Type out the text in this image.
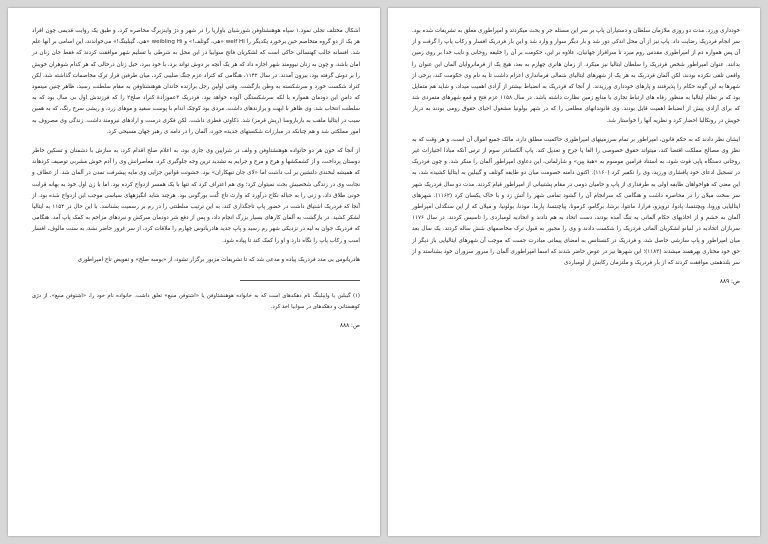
اشکال مختلف تجلی نمود.۱ سپاه هوهنشتاوفن شورشیان باواریا را در شهر و دژ واینزبرگ محاصره کرد، و طبق یک روایت قدیمی چون افراد هر یک از دو گروه متخاصم حین برخورد یکدیگر را welf Hi «هی، گوئلف!» و weibling Hi «هی، گیبلینگ!» می‌خواندند، این اسامی بر آنها علم شد. افسانه جالب کهنسالی حاکی است که لشکریان فاتح سوابیا در این محل به شرطی با تسلیم شهر موافقت کردند که فقط جان زنان در امان باشد، و چون به زنان نیوومند شهر اجازه داد که هر یک آنچه بر دوش تواند برد، با خود ببرد، خیل زنان درحالی که هر کدام شوهران خویش را بر دوش گرفته بود، بیرون آمدند. در سال ۱۱۴۲، هنگامی که کنراد عزم جنگ صلیبی کرد، میان طرفین قرار ترکِ مخاصمات گذاشته شد، لکن کنراد شکست خورد و سرشکسته به وطن بازگشت. وقتی اولین رجل برازنده خاندان هوهنشتاوفن به مقام سلطنت رسید، ظاهر چنین مینمود که دامنِ این دودمان همواره با لکه سرشکستگی آلوده خواهد بود. فردریک ۳عموزادۀ کنراد صلح۲ را که فرزندش اول بی سال بود که به سلطنت انتخاب شد. وی ظاهر با ابهت و برازندهای داشت، مردی بود کوچک اندام با پوست سفید و موهای زرد، و ریشی سرخ رنگ، که به همین سبب در ایتالیا ملقب به باربارو‌سا (ریش قرمز) شد. ذکاوتی فطری داشت. لکن فکری درست و ارادهای نیرومند داشت. زندگی وی مصروف به امور مملکتی شد و هم چنانکه در مبارزات شکستهای جدیده خورد، آلمان را در دامه ی رهبر جهان مسیحی کرد.

از آنجا که خون هر دو خانواده هوهنشتاوفن و ولف در شرایین وی جاری بود، به اعلام صلح اقدام کرد، به سازش با دشمنان و تسکین خاطر دوستان پرداخت، و از کشمکشها و هرج و مرج و جرایم به تشدید ترین وجه جلوگیری کرد. معاصرانش وی را آدم خوش مشربی توصیف کردهاند که همیشه لبخندی دلنشین بر لب داشت اما «لای جان تبهکاران» بود. خشونت قوانین جزایی وی مایه پیشرفت تمدن در آلمان شد. از عطاف و نجابت وی در زندگی شخصیش بحث نمیتوان کرد؛ وی هم اعتراف کرد که تنها با یک همسر ازدواج کرده بود. اما با زن اول خود به بهانه قرابت خونی طلاق داد، و زنی را به حباله نکاح درآورد که وارث تاج کُنت بورگونی بود. هرچند شاید انگیزههای سیاسی موجب این ازدواج شده بود. از آنجا که فردریک اشتیاق داشت در حضور پاپ تاجگذاری کند، به این ترتیب سلطنتی را در رم بر رسمیت بشناسد. با این حال در ۱۱۵۴ به ایتالیا لشکر کشید. در بازگشت به آلمان کارهای بسیار بزرگ انجام داد، و پس از دفع شر دودمان سرکش و نبردهای مزاحم به کمک پاپ آمد. هنگامی که فردریک جوان به لیه در نزدیکی شهر رم رسید و پاپ جدید هادریانوس چهارم را ملاقات کرد، از سر غرور حاضر نشد، به سنت مالوف، افسار اسب و رکاب پاپ را نگاه دارد و او را کمک کند تا پیاده شود.

هادریانوس بی مدد فردریک پیاده و مدعی شد که تا تشریفات مزبور برگزار نشود، از «بوسه صلح» و تفویض تاج امپراطوری

(۱) گیبلین یا وایبلینگ نام دهکدهای است که به خانواده هوهنشتاوفن یا «اشتوفن منبع» تعلق داشت. خانواده نام خود را، «اشتوفن منبع»، از دژی کوهستانی و دهکدهای در سوابیا اخذ کرد.

ص: ۸۸۸

خودداری ورزد. مدت دو روزی ملازمان سلطان و دستیاران پاپ بر سر این مسئله جر و بحث میکردند و امپراطوری معلق به تشریفات شده بود. سر انجام فردریک رضایت داد. پاپ نیز از آن محل اندکی دور شد و بار دیگر سوار و وارد شد و این بار فردریک افسار و رکاب پاپ را گرفت و از آن پس همواره دم از امپراطوری مقدس روم میزد تا سرافراز جهانیان، علاوه بر این، حکومت بر آن را خلیفه روحانی و نایب خدا بر روی زمین بدانند. عنوان امپراطور شخص فردریک را سلطان ایتالیا نیز میکرد. از زمان هانری چهارم به بعد، هیچ یک از فرمانروایان آلمان این عنوان را واقعی تلقی نکرده بودند، لکن آلمان فردریک به هر یک از شهرهای ایتالیای شمالی فرمانداری اعزام داشت تا به نام وی حکومت کند، برخی از شهرها به این گونه حکام را پذیرفتند و پارهای خودداری ورزیدند. از آنجا که فردریک به انضباط بیشتر از آزادی اهمیت میداد، و شاید هم متمایل بود که بر نظام ایتالیا به منظور رفاه های ارتباط تجاری با منابع زمین نظارت داشته باشد. در سال ۱۱۵۸ عزم فتح و قمع شهرهای متمردی شد که برای آزادی پیش از انضباط اهمیت قایل بودند. وی قانوندانهای مطلعی را که در شهر بولونیا مشغول احیای حقوق رومی بودند به دربار خویش در رونکالیا احضار کرد و نظریه آنها را خواستار شد.

ایشان نظر دادند که به حکم قانون، امپراطور بر تمام سرزمینهای امپراطوری حاکمیت مطلق دارد، مالک جمیع اموال آن است، و هر وقت که به نظر وی مصالح مملکت اقتضا کند، میتواند حقوق خصوصی را الغا یا جرح و تعدیل کند. پاپ آلکساندر سوم از ترس آنکه مبادا اختیارات غیر روحانی دستگاه پاپی فوت شود، به استناد فرامین موسوم به «هبهٔ پپن» و شارلمانی، این دعاوی امپراطور آلمان را منکر شد، و چون فردریک در تسجیل ادعای خود پافشاری ورزید، وی را تکفیر کرد (۱۱۶۰). اکنون دامنه خصومت میان دو طایفه گوئلف و گیبلین به ایتالیا کشیده شد، به این معنی که هواخواهان طایفه اولی به طرفداری از پاپ و حامیان دومی در مقام پشتیبانی از امپراطور قیام کردند. مدت دو سال فردریک شهر سر سخت میلان را در محاصره داشت و هنگامی که سرانجام آن را گشود تمامی شهر را آتش زد و با خاک یکسان کرد (۱۱۶۲). شهرهای ایتالیایی ورونا، ویچنتسا، پادوا، ترویزو، فرارا، مانتوا، برشا، برگامو، کرمونا، پیاچنتسا، پارما، مودنا، بولونیا، و میلان که از این سنگدلی امپراطور آلمان به خشم و از اخاذیهای حکام آلمانی به تنگ آمده بودند، دست اتحاد به هم دادند و اتحادیه لومباردی را تاسیس کردند. در سال ۱۱۷۶ سربازان اتحادیه در لنیانو لشکریان آلمانی فردریک را شکست دادند و وی را مجبور به قبول ترک مخاصمهای شش ساله کردند. یک سال بعد میان امپراطور و پاپ سازشی حاصل شد، و فردریک در کنستانس به امضای پیمانی مبادرت جست که موجب آن شهرهای ایتالیایی باز دیگر از حق خود مختاری بهرهمند میشدند (۱۱۸۳)؛ این شهرها نیز در عوض حاضر شدند که اسما امپراطوری آلمان را سرور سروران خود بشناسند و از سر بلندهمتی موافقت کردند که از بار فردریک و ملتزمان رکابش از لومباردی

ص: ۸۸۹
